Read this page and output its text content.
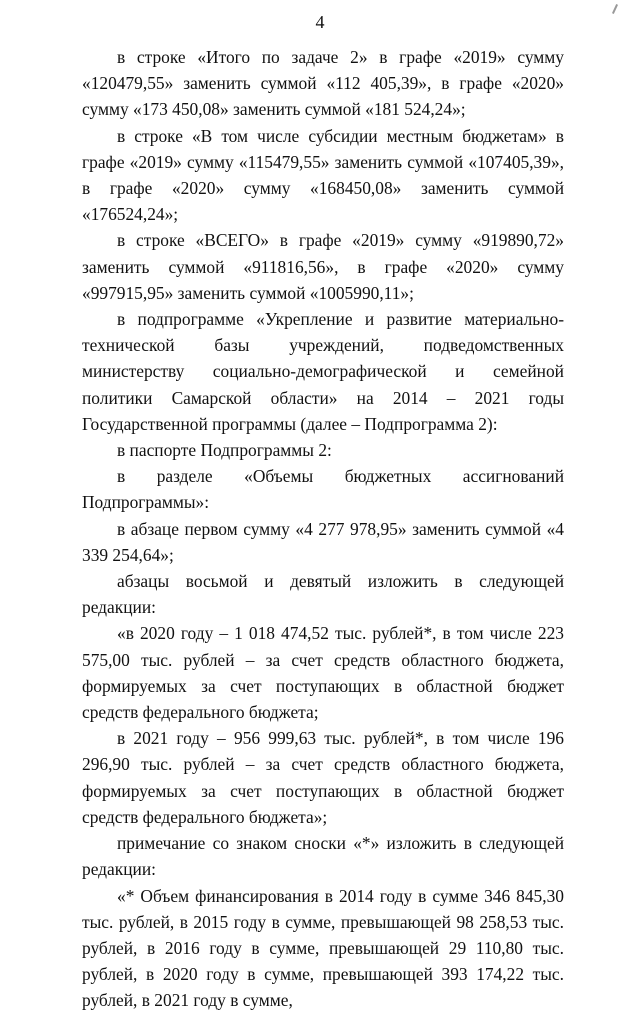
4

в строке «Итого по задаче 2» в графе «2019» сумму «120479,55» заменить суммой «112 405,39», в графе «2020» сумму «173 450,08» заменить суммой «181 524,24»;

в строке «В том числе субсидии местным бюджетам» в графе «2019» сумму «115479,55» заменить суммой «107405,39», в графе «2020» сумму «168450,08» заменить суммой «176524,24»;

в строке «ВСЕГО» в графе «2019» сумму «919890,72» заменить суммой «911816,56», в графе «2020» сумму «997915,95» заменить суммой «1005990,11»;

в подпрограмме «Укрепление и развитие материально-технической базы учреждений, подведомственных министерству социально-демографической и семейной политики Самарской области» на 2014 – 2021 годы Государственной программы (далее – Подпрограмма 2):

в паспорте Подпрограммы 2:

в разделе «Объемы бюджетных ассигнований Подпрограммы»:

в абзаце первом сумму «4 277 978,95» заменить суммой «4 339 254,64»;

абзацы восьмой и девятый изложить в следующей редакции:

«в 2020 году – 1 018 474,52 тыс. рублей*, в том числе 223 575,00 тыс. рублей – за счет средств областного бюджета, формируемых за счет поступающих в областной бюджет средств федерального бюджета;

в 2021 году – 956 999,63 тыс. рублей*, в том числе 196 296,90 тыс. рублей – за счет средств областного бюджета, формируемых за счет поступающих в областной бюджет средств федерального бюджета»;

примечание со знаком сноски «*» изложить в следующей редакции:

«* Объем финансирования в 2014 году в сумме 346 845,30 тыс. рублей, в 2015 году в сумме, превышающей 98 258,53 тыс. рублей, в 2016 году в сумме, превышающей 29 110,80 тыс. рублей, в 2020 году в сумме, превышающей 393 174,22 тыс. рублей, в 2021 году в сумме,
